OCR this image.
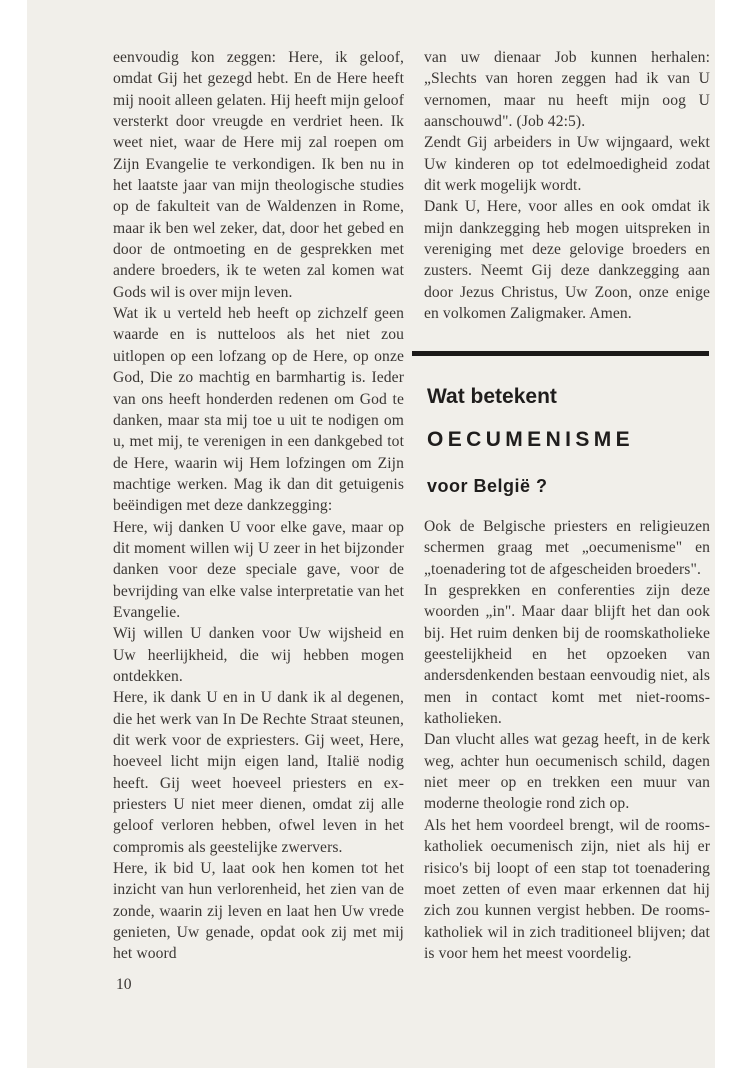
eenvoudig kon zeggen: Here, ik geloof, omdat Gij het gezegd hebt. En de Here heeft mij nooit alleen gelaten. Hij heeft mijn geloof versterkt door vreugde en verdriet heen. Ik weet niet, waar de Here mij zal roepen om Zijn Evangelie te verkondigen. Ik ben nu in het laatste jaar van mijn theologische studies op de fakulteit van de Waldenzen in Rome, maar ik ben wel zeker, dat, door het gebed en door de ontmoeting en de gesprekken met andere broeders, ik te weten zal komen wat Gods wil is over mijn leven.

Wat ik u verteld heb heeft op zichzelf geen waarde en is nutteloos als het niet zou uitlopen op een lofzang op de Here, op onze God, Die zo machtig en barmhartig is. Ieder van ons heeft honderden redenen om God te danken, maar sta mij toe u uit te nodigen om u, met mij, te verenigen in een dankgebed tot de Here, waarin wij Hem lofzingen om Zijn machtige werken. Mag ik dan dit getuigenis beëindigen met deze dankzegging:

Here, wij danken U voor elke gave, maar op dit moment willen wij U zeer in het bijzonder danken voor deze speciale gave, voor de bevrijding van elke valse interpretatie van het Evangelie.

Wij willen U danken voor Uw wijsheid en Uw heerlijkheid, die wij hebben mogen ontdekken.

Here, ik dank U en in U dank ik al degenen, die het werk van In De Rechte Straat steunen, dit werk voor de expriesters. Gij weet, Here, hoeveel licht mijn eigen land, Italië nodig heeft. Gij weet hoeveel priesters en ex-priesters U niet meer dienen, omdat zij alle geloof verloren hebben, ofwel leven in het compromis als geestelijke zwervers.

Here, ik bid U, laat ook hen komen tot het inzicht van hun verlorenheid, het zien van de zonde, waarin zij leven en laat hen Uw vrede genieten, Uw genade, opdat ook zij met mij het woord

van uw dienaar Job kunnen herhalen: „Slechts van horen zeggen had ik van U vernomen, maar nu heeft mijn oog U aanschouwd". (Job 42:5).

Zendt Gij arbeiders in Uw wijngaard, wekt Uw kinderen op tot edelmoedigheid zodat dit werk mogelijk wordt.

Dank U, Here, voor alles en ook omdat ik mijn dankzegging heb mogen uitspreken in vereniging met deze gelovige broeders en zusters. Neemt Gij deze dankzegging aan door Jezus Christus, Uw Zoon, onze enige en volkomen Zaligmaker. Amen.

Wat betekent
OECUMENISME
voor België ?

Ook de Belgische priesters en religieuzen schermen graag met „oecumenisme" en „toenadering tot de afgescheiden broeders".

In gesprekken en conferenties zijn deze woorden „in". Maar daar blijft het dan ook bij. Het ruim denken bij de roomskatholieke geestelijkheid en het opzoeken van andersdenkenden bestaan eenvoudig niet, als men in contact komt met niet-rooms-katholieken.

Dan vlucht alles wat gezag heeft, in de kerk weg, achter hun oecumenisch schild, dagen niet meer op en trekken een muur van moderne theologie rond zich op.

Als het hem voordeel brengt, wil de rooms-katholiek oecumenisch zijn, niet als hij er risico's bij loopt of een stap tot toenadering moet zetten of even maar erkennen dat hij zich zou kunnen vergist hebben. De rooms-katholiek wil in zich traditioneel blijven; dat is voor hem het meest voordelig.

10
